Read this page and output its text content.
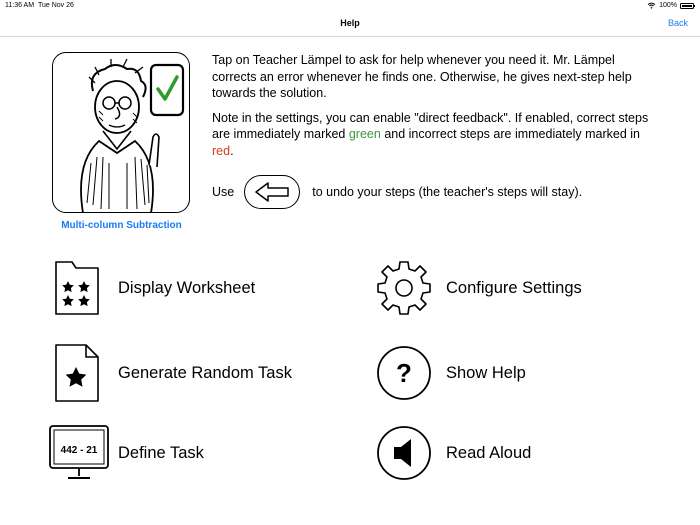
11:36 AM Tue Nov 26	100%
Help	Back
Multi-column Subtraction

Tap on Teacher Lämpel to ask for help whenever you need it. Mr. Lämpel corrects an error whenever he finds one. Otherwise, he gives next-step help towards the solution.

Note in the settings, you can enable "direct feedback". If enabled, correct steps are immediately marked green and incorrect steps are immediately marked in red.

Use	to undo your steps (the teacher's steps will stay).
Display Worksheet	Configure Settings
Generate Random Task	? Show Help
442 - 21	Define Task	Read Aloud
